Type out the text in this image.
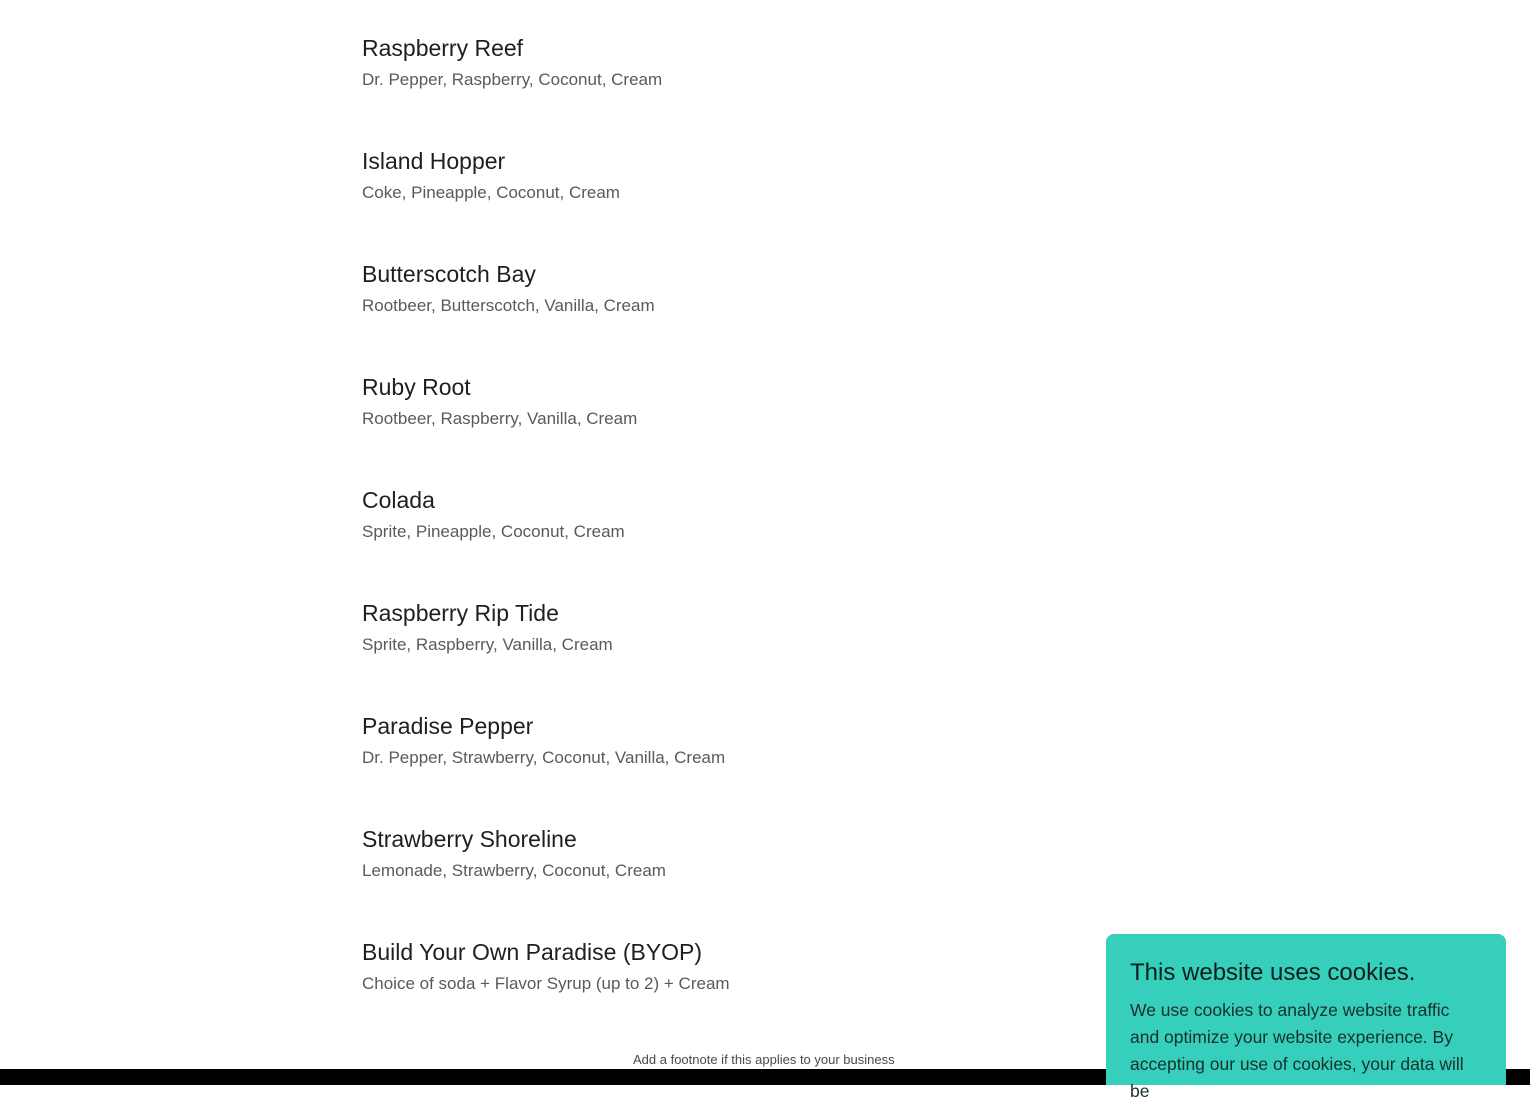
Raspberry Reef

Dr. Pepper, Raspberry, Coconut, Cream

Island Hopper

Coke, Pineapple, Coconut, Cream

Butterscotch Bay

Rootbeer, Butterscotch, Vanilla, Cream

Ruby Root

Rootbeer, Raspberry, Vanilla, Cream

Colada

Sprite, Pineapple, Coconut, Cream

Raspberry Rip Tide

Sprite, Raspberry, Vanilla, Cream

Paradise Pepper

Dr. Pepper, Strawberry, Coconut, Vanilla, Cream

Strawberry Shoreline

Lemonade, Strawberry, Coconut, Cream

Build Your Own Paradise (BYOP)

Choice of soda + Flavor Syrup (up to 2) + Cream

Add a footnote if this applies to your business
This website uses cookies.

We use cookies to analyze website traffic and optimize your website experience. By accepting our use of cookies, your data will be
